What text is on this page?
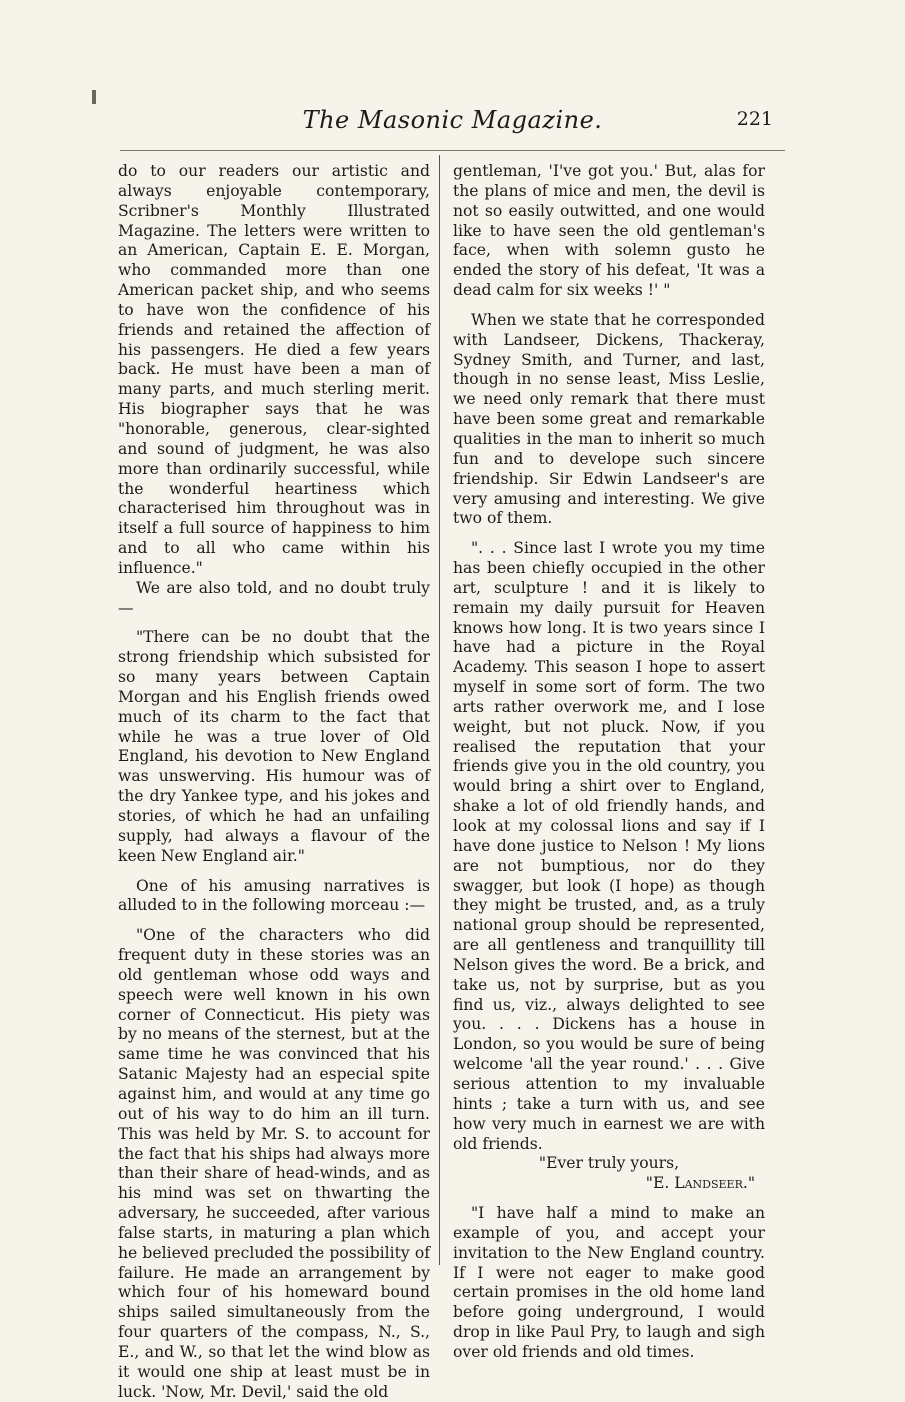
The Masonic Magazine.	221

do to our readers our artistic and always enjoyable contemporary, Scribner's Monthly Illustrated Magazine. The letters were written to an American, Captain E. E. Morgan, who commanded more than one American packet ship, and who seems to have won the confidence of his friends and retained the affection of his passengers. He died a few years back. He must have been a man of many parts, and much sterling merit. His biographer says that he was "honorable, generous, clear-sighted and sound of judgment, he was also more than ordinarily successful, while the wonderful heartiness which characterised him throughout was in itself a full source of happiness to him and to all who came within his influence."

We are also told, and no doubt truly—

"There can be no doubt that the strong friendship which subsisted for so many years between Captain Morgan and his English friends owed much of its charm to the fact that while he was a true lover of Old England, his devotion to New England was unswerving. His humour was of the dry Yankee type, and his jokes and stories, of which he had an unfailing supply, had always a flavour of the keen New England air."

One of his amusing narratives is alluded to in the following morceau :—

"One of the characters who did frequent duty in these stories was an old gentleman whose odd ways and speech were well known in his own corner of Connecticut. His piety was by no means of the sternest, but at the same time he was convinced that his Satanic Majesty had an especial spite against him, and would at any time go out of his way to do him an ill turn. This was held by Mr. S. to account for the fact that his ships had always more than their share of head-winds, and as his mind was set on thwarting the adversary, he succeeded, after various false starts, in maturing a plan which he believed precluded the possibility of failure. He made an arrangement by which four of his homeward bound ships sailed simultaneously from the four quarters of the compass, N., S., E., and W., so that let the wind blow as it would one ship at least must be in luck. 'Now, Mr. Devil,' said the old

gentleman, 'I've got you.' But, alas for the plans of mice and men, the devil is not so easily outwitted, and one would like to have seen the old gentleman's face, when with solemn gusto he ended the story of his defeat, 'It was a dead calm for six weeks !' "

When we state that he corresponded with Landseer, Dickens, Thackeray, Sydney Smith, and Turner, and last, though in no sense least, Miss Leslie, we need only remark that there must have been some great and remarkable qualities in the man to inherit so much fun and to develope such sincere friendship. Sir Edwin Landseer's are very amusing and interesting. We give two of them.

". . . Since last I wrote you my time has been chiefly occupied in the other art, sculpture ! and it is likely to remain my daily pursuit for Heaven knows how long. It is two years since I have had a picture in the Royal Academy. This season I hope to assert myself in some sort of form. The two arts rather overwork me, and I lose weight, but not pluck. Now, if you realised the reputation that your friends give you in the old country, you would bring a shirt over to England, shake a lot of old friendly hands, and look at my colossal lions and say if I have done justice to Nelson ! My lions are not bumptious, nor do they swagger, but look (I hope) as though they might be trusted, and, as a truly national group should be represented, are all gentleness and tranquillity till Nelson gives the word. Be a brick, and take us, not by surprise, but as you find us, viz., always delighted to see you. . . . Dickens has a house in London, so you would be sure of being welcome 'all the year round.' . . . Give serious attention to my invaluable hints ; take a turn with us, and see how very much in earnest we are with old friends.

"Ever truly yours,

"E. Landseer."

"I have half a mind to make an example of you, and accept your invitation to the New England country. If I were not eager to make good certain promises in the old home land before going underground, I would drop in like Paul Pry, to laugh and sigh over old friends and old times.
